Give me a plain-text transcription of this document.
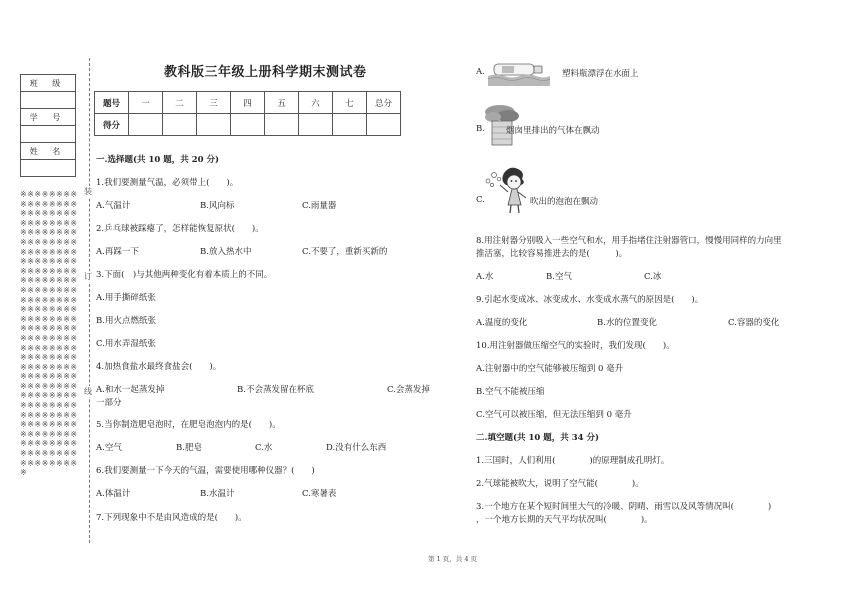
班 级

学 号

姓 名

装
订
线
※※※※※※※※※※※※※※※※※※※※※※※※※※※※※※※※※※※※※※※※※※※※※※※※※※※※※※※※※※※※※※※※※※※※※※※※※※※※※※※※※※※※※※※※※※※※※※※※※※※※※※※※※※※※※※※※※※※※※※※※※※※※※※※※※※※※※※※※※※※※※※※※※※※※※※※※※※※※※※※※※※※※※※※※※※※※※※※※※※※※※※※※※※※※※※※※※※※※※※※※※※※※※※※※※※※※※※※※※※※※※※※※※※※※※※※※※
教科版三年级上册科学期末测试卷
题号	一	二	三	四	五	六	七	总分
得分								
一.选择题(共 10 题，共 20 分)
1.我们要测量气温，必须带上(　　)。
A.气温计	B.风向标	C.雨量器
2.乒乓球被踩瘪了，怎样能恢复原状(　　)。
A.再踩一下	B.放入热水中	C.不要了，重新买新的
3.下面(　)与其他两种变化有着本质上的不同。
A.用手撕碎纸张
B.用火点燃纸张
C.用水弄湿纸张
4.加热食盐水最终食盐会(　　)。
A.和水一起蒸发掉	B.不会蒸发留在杯底	C.会蒸发掉
一部分
5.当你制造肥皂泡时，在肥皂泡泡内的是(　　)。
A.空气	B.肥皂	C.水	D.没有什么东西
6.我们要测量一下今天的气温，需要使用哪种仪器？(　　)
A.体温计	B.水温计	C.寒暑表
7.下列现象中不是由风造成的是(　　)。
A.	塑料瓶漂浮在水面上
B. 烟囱里排出的气体在飘动
C.	吹出的泡泡在飘动
8.用注射器分别吸入一些空气和水，用手指堵住注射器管口，慢慢用同样的力向里
推活塞，比较容易推进去的是(　　　)。
A.水	B.空气	C.冰
9.引起水变成冰、冰变成水、水变成水蒸气的原因是(　　)。
A.温度的变化	B.水的位置变化	C.容器的变化
10.用注射器做压缩空气的实验时，我们发现(　　)。
A.注射器中的空气能够被压缩到 0 毫升
B.空气不能被压缩
C.空气可以被压缩，但无法压缩到 0 毫升
二.填空题(共 10 题，共 34 分)
1.三国时，人们利用(　　　　)的原理制成孔明灯。
2.气球能被吹大，说明了空气能(　　　　)。
3.一个地方在某个短时间里大气的冷暖、阴晴、雨雪以及风等情况叫(　　　　)
，一个地方长期的天气平均状况叫(　　　　)。
第 1 页，共 4 页
